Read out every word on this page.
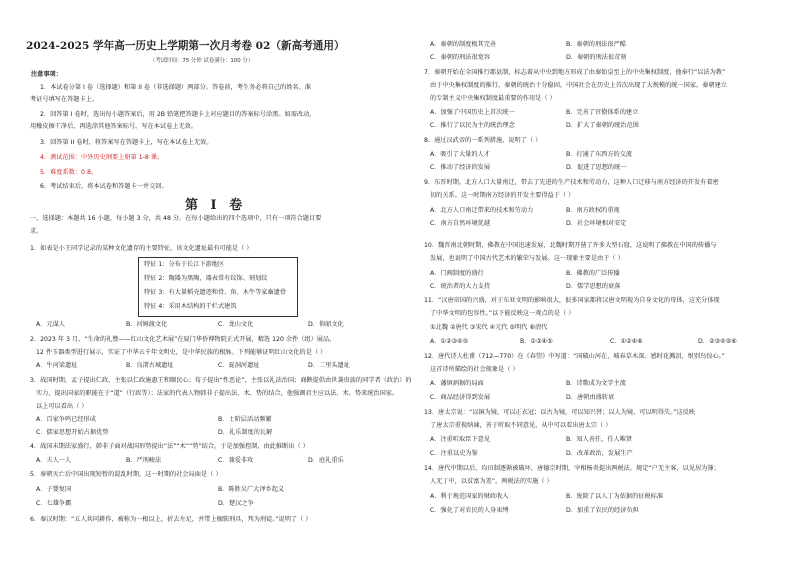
2024-2025 学年高一历史上学期第一次月考卷 02（新高考通用）
（考试时间：75 分钟 试卷满分：100 分）
注意事项：
1．本试卷分第 I 卷（选择题）和第 II 卷（非选择题）两部分。答卷前，考生务必将自己的姓名、准
考证号填写在答题卡上。
2．回答第 I 卷时，选出每小题答案后，用 2B 铅笔把答题卡上对应题目的答案标号涂黑。如需改动，
用橡皮擦干净后，再选涂其他答案标号。写在本试卷上无效。
3．回答第 II 卷时，将答案写在答题卡上，写在本试卷上无效。
4．测试范围：中外历史纲要上册第 1-8 课。
5．难度系数：0.8。
6．考试结束后，将本试卷和答题卡一并交回。
第 I 卷
一、选择题：本题共 16 小题，每小题 3 分，共 48 分。在每小题给出的四个选项中，只有一项符合题目要
求。
1．如表是小王同学记录的某种文化遗存的主要特征，该文化遗址最有可能是（ ）
特征 1：分布于长江下游地区
特征 2：陶器为黑陶，器表常有纹饰、刻划纹
特征 3：有大量稻壳遗迹和骨、角、木牛等家畜遗骨
特征 4：采用木结构的干栏式建筑
A．元谋人	B．河姆渡文化	C．龙山文化	D．仰韶文化
2．2023 年 3 月，“生命的礼赞——红山文化艺术展”在厦门华侨博物院正式开展，精选 120 余件（组）展品，
12 件玉器类型进行展示，实证了中华五千年文明史，是中华民族的根脉。下列能够证明红山文化的是（ ）
A．牛河梁遗址	B．良渚古城遗址	C．夏洞河遗址	D．二里头遗址
3．战国时期，孟子提出仁政，主张以仁政施惠王和顺民心；荀子提出“性恶论”，主张以礼法治国；商鞅提倡由世袭贵族的同学者（政治）的
实力，提出国家的职能在于“道”（行政等）；法家的代表人物韩非子提出法、术、势的结合，他强调君主应以法、术、势来统治国家。
以上可以看出（ ）
A．百家争鸣已经形成	B．士阶层活动频繁
C．儒家思想开始占据优势	D．礼乐制度的瓦解
4．战国末期法家盛行，韩非子面对战国形势提出“法”“术”“势”结合，于是加强控制，由此推断出（ ）
A．夫人一人	B．严刑峻法	C．兼爱非攻	D．庭礼重乐
5．秦朝灭亡后中国出现短暂的混乱时期，这一时期的社会局面是（ ）
A．子婴复国	B．陈胜吴广大泽乡起义
C．七雄争霸	D．楚汉之争
6．秦汉时期：“五人共同耕作，被称为一根以上，折去左足，并带上枷锁刑具，判为刑徒。”说明了（ ）
A．秦朝的制度极其完善	B．秦朝的刑法很严酷
C．秦朝的刑法很宽容	D．秦朝的刑法很苛刻
7．秦朝开始在全国推行郡县制，标志着从中央到地方形成了由秦始皇至上的中央集权制度，他奉行“以法为教”
由于中央集权制度的推行，秦朝的统治十分稳固，中国社会在历史上首次出现了大规模的统一国家。秦朝建立
的专制主义中央集权制度最重要的作用是（ ）
A．加强了中国历史上首次统一	B．完善了官僚体系的建立
C．推行了以民为主的统治理念	D．扩大了秦朝的统治范围
8．通过汉武帝的一系列措施，说明了（ ）
A．吸引了大量的人才	B．打通了东西方的交流
C．推动了经济的发展	D．促进了思想的统一
9．东晋时期，北方人口大量南迁，带去了先进的生产技术和劳动力，这种人口迁移与南方经济的开发有着密
切的关系。这一时期南方经济的开发主要得益于（ ）
A．北方人口南迁带来的技术和劳动力	B．南方政权的重视
C．南方自然环境优越	D．社会环境相对安定
10．魏晋南北朝时期，佛教在中国迅速发展，北魏时期开凿了许多大型石窟，这说明了佛教在中国的传播与
发展，也说明了中国古代艺术的繁荣与发展。这一现象主要是由于（ ）
A．门阀制度的盛行	B．佛教的广泛传播
C．统治者的大力支持	D．儒学思想的衰落
11．“汉唐帝国的兴盛，对于东亚文明的影响很大，很多国家都将汉唐文明视为自身文化的母体，这充分体现
了中华文明的包容性。”以下能反映这一观点的是（ ）
①北魏 ②唐代 ③宋代 ④元代 ⑤明代 ⑥清代
A．①②③④⑤	B．①③④⑤	C．①②④⑥	D．②③④⑤⑥
12．唐代诗人杜甫（712—770）在《春望》中写道：“国破山河在，城春草木深。感时花溅泪，恨别鸟惊心。”
这首诗所描绘的社会现象是（ ）
A．藩镇割据的局面	B．诗歌成为文学主流
C．商品经济得到发展	D．唐朝由盛转衰
13．唐太宗说：“以铜为镜，可以正衣冠；以古为镜，可以知兴替；以人为镜，可以明得失。”这反映
了唐太宗重视纳谏，善于听取不同意见，从中可以看出唐太宗（ ）
A．注重听取臣下意见	B．知人善任，任人唯贤
C．注重以史为鉴	D．改革政治，发展生产
14．唐代中期以后，均田制逐渐被破坏，唐德宗时期，宰相杨炎提出两税法，规定“户无主客，以见居为簿；
人无丁中，以贫富为差”。两税法的实施（ ）
A．利于规范国家的财政收入	B．废除了以人丁为依据的征税标准
C．强化了对农民的人身束缚	D．加重了农民的经济负担
